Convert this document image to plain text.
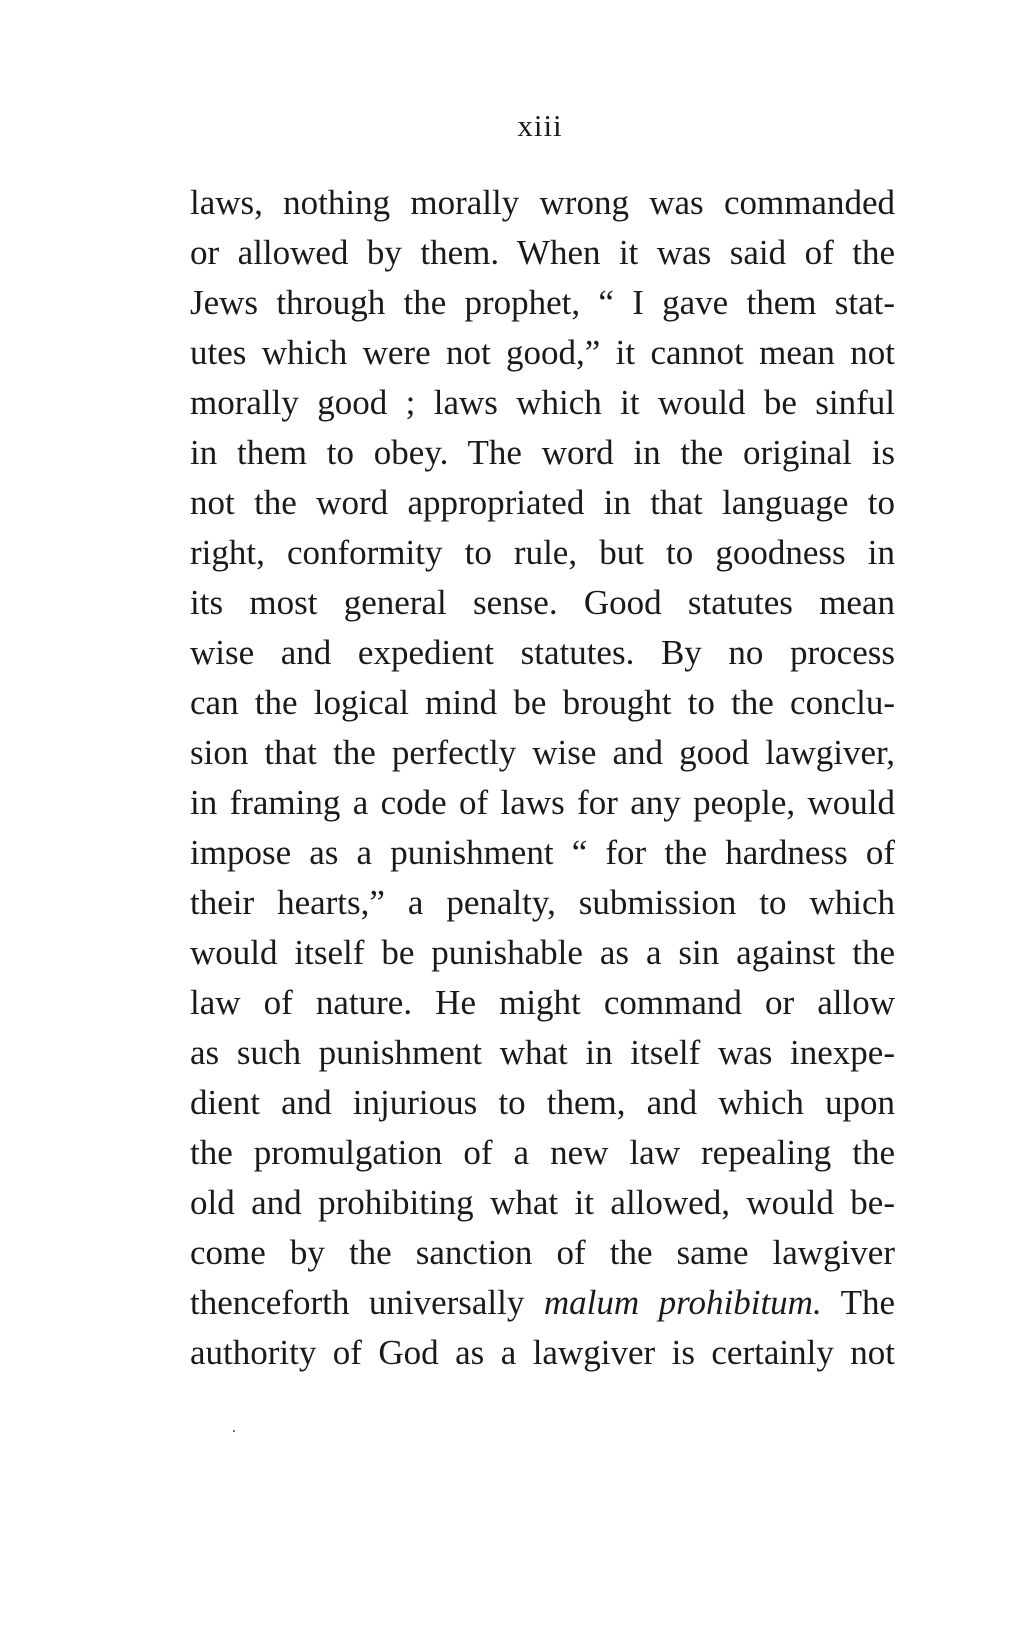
xiii
laws, nothing morally wrong was commanded
or allowed by them. When it was said of the
Jews through the prophet, “ I gave them stat-
utes which were not good,” it cannot mean not
morally good ; laws which it would be sinful
in them to obey. The word in the original is
not the word appropriated in that language to
right, conformity to rule, but to goodness in
its most general sense. Good statutes mean
wise and expedient statutes. By no process
can the logical mind be brought to the conclu-
sion that the perfectly wise and good lawgiver,
in framing a code of laws for any people, would
impose as a punishment “ for the hardness of
their hearts,” a penalty, submission to which
would itself be punishable as a sin against the
law of nature. He might command or allow
as such punishment what in itself was inexpe-
dient and injurious to them, and which upon
the promulgation of a new law repealing the
old and prohibiting what it allowed, would be-
come by the sanction of the same lawgiver
thenceforth universally malum prohibitum. The
authority of God as a lawgiver is certainly not
